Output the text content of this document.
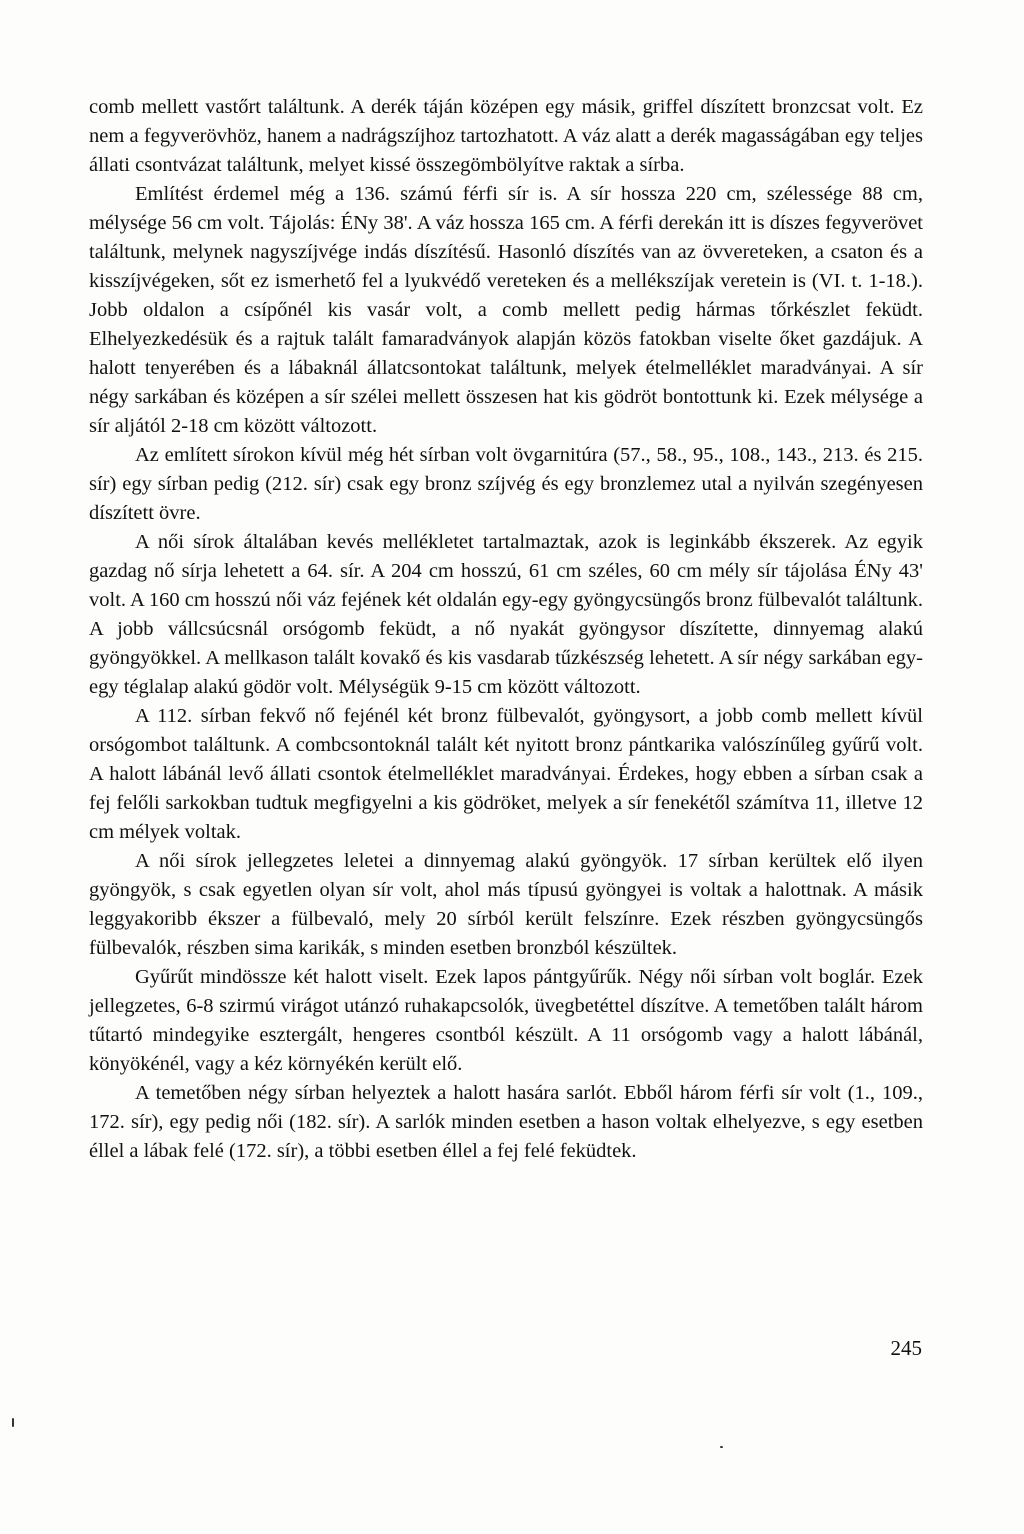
comb mellett vastőrt találtunk. A derék táján középen egy másik, griffel díszített bronzcsat volt. Ez nem a fegyverövhöz, hanem a nadrágszíjhoz tartozhatott. A váz alatt a derék magasságában egy teljes állati csontvázat találtunk, melyet kissé összegömbölyítve raktak a sírba.

Említést érdemel még a 136. számú férfi sír is. A sír hossza 220 cm, szélessége 88 cm, mélysége 56 cm volt. Tájolás: ÉNy 38'. A váz hossza 165 cm. A férfi derekán itt is díszes fegyverövet találtunk, melynek nagyszíjvége indás díszítésű. Hasonló díszítés van az övvereteken, a csaton és a kisszíjvégeken, sőt ez ismerhető fel a lyukvédő vereteken és a mellékszíjak veretein is (VI. t. 1-18.). Jobb oldalon a csípőnél kis vasár volt, a comb mellett pedig hármas tőrkészlet feküdt. Elhelyezkedésük és a rajtuk talált famaradványok alapján közös fatokban viselte őket gazdájuk. A halott tenyerében és a lábaknál állatcsontokat találtunk, melyek ételmelléklet maradványai. A sír négy sarkában és középen a sír szélei mellett összesen hat kis gödröt bontottunk ki. Ezek mélysége a sír aljától 2-18 cm között változott.

Az említett sírokon kívül még hét sírban volt övgarnitúra (57., 58., 95., 108., 143., 213. és 215. sír) egy sírban pedig (212. sír) csak egy bronz szíjvég és egy bronzlemez utal a nyilván szegényesen díszített övre.

A női sírok általában kevés mellékletet tartalmaztak, azok is leginkább ékszerek. Az egyik gazdag nő sírja lehetett a 64. sír. A 204 cm hosszú, 61 cm széles, 60 cm mély sír tájolása ÉNy 43' volt. A 160 cm hosszú női váz fejének két oldalán egy-egy gyöngycsüngős bronz fülbevalót találtunk. A jobb vállcsúcsnál orsógomb feküdt, a nő nyakát gyöngysor díszítette, dinnyemag alakú gyöngyökkel. A mellkason talált kovakő és kis vasdarab tűzkészség lehetett. A sír négy sarkában egy-egy téglalap alakú gödör volt. Mélységük 9-15 cm között változott.

A 112. sírban fekvő nő fejénél két bronz fülbevalót, gyöngysort, a jobb comb mellett kívül orsógombot találtunk. A combcsontoknál talált két nyitott bronz pántkarika valószínűleg gyűrű volt. A halott lábánál levő állati csontok ételmelléklet maradványai. Érdekes, hogy ebben a sírban csak a fej felőli sarkokban tudtuk megfigyelni a kis gödröket, melyek a sír fenekétől számítva 11, illetve 12 cm mélyek voltak.

A női sírok jellegzetes leletei a dinnyemag alakú gyöngyök. 17 sírban kerültek elő ilyen gyöngyök, s csak egyetlen olyan sír volt, ahol más típusú gyöngyei is voltak a halottnak. A másik leggyakoribb ékszer a fülbevaló, mely 20 sírból került felszínre. Ezek részben gyöngycsüngős fülbevalók, részben sima karikák, s minden esetben bronzból készültek.

Gyűrűt mindössze két halott viselt. Ezek lapos pántgyűrűk. Négy női sírban volt boglár. Ezek jellegzetes, 6-8 szirmú virágot utánzó ruhakapcsolók, üvegbetéttel díszítve. A temetőben talált három tűtartó mindegyike esztergált, hengeres csontból készült. A 11 orsógomb vagy a halott lábánál, könyökénél, vagy a kéz környékén került elő.

A temetőben négy sírban helyeztek a halott hasára sarlót. Ebből három férfi sír volt (1., 109., 172. sír), egy pedig női (182. sír). A sarlók minden esetben a hason voltak elhelyezve, s egy esetben éllel a lábak felé (172. sír), a többi esetben éllel a fej felé feküdtek.

245
